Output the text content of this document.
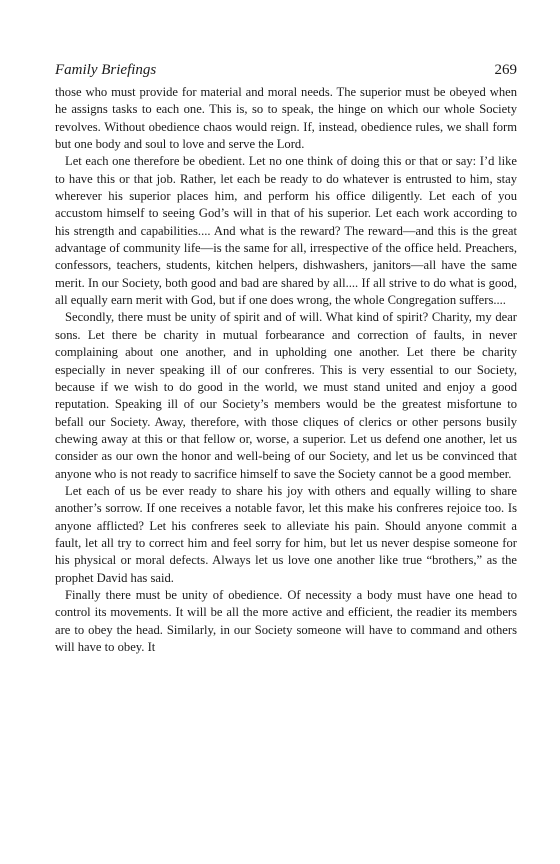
Family Briefings	269

those who must provide for material and moral needs. The superior must be obeyed when he assigns tasks to each one. This is, so to speak, the hinge on which our whole Society revolves. Without obedience chaos would reign. If, instead, obedience rules, we shall form but one body and soul to love and serve the Lord.

Let each one therefore be obedient. Let no one think of doing this or that or say: I’d like to have this or that job. Rather, let each be ready to do whatever is entrusted to him, stay wherever his superior places him, and perform his office diligently. Let each of you accustom himself to seeing God’s will in that of his superior. Let each work according to his strength and capabilities.... And what is the reward? The reward—and this is the great advantage of community life—is the same for all, irrespective of the office held. Preachers, confessors, teachers, students, kitchen helpers, dishwashers, janitors—all have the same merit. In our Society, both good and bad are shared by all.... If all strive to do what is good, all equally earn merit with God, but if one does wrong, the whole Congregation suffers....

Secondly, there must be unity of spirit and of will. What kind of spirit? Charity, my dear sons. Let there be charity in mutual forbearance and correction of faults, in never complaining about one another, and in upholding one another. Let there be charity especially in never speaking ill of our confreres. This is very essential to our Society, because if we wish to do good in the world, we must stand united and enjoy a good reputation. Speaking ill of our Society’s members would be the greatest misfortune to befall our Society. Away, therefore, with those cliques of clerics or other persons busily chewing away at this or that fellow or, worse, a superior. Let us defend one another, let us consider as our own the honor and well-being of our Society, and let us be convinced that anyone who is not ready to sacrifice himself to save the Society cannot be a good member.

Let each of us be ever ready to share his joy with others and equally willing to share another’s sorrow. If one receives a notable favor, let this make his confreres rejoice too. Is anyone afflicted? Let his confreres seek to alleviate his pain. Should anyone commit a fault, let all try to correct him and feel sorry for him, but let us never despise someone for his physical or moral defects. Always let us love one another like true “brothers,” as the prophet David has said.

Finally there must be unity of obedience. Of necessity a body must have one head to control its movements. It will be all the more active and efficient, the readier its members are to obey the head. Similarly, in our Society someone will have to command and others will have to obey. It
